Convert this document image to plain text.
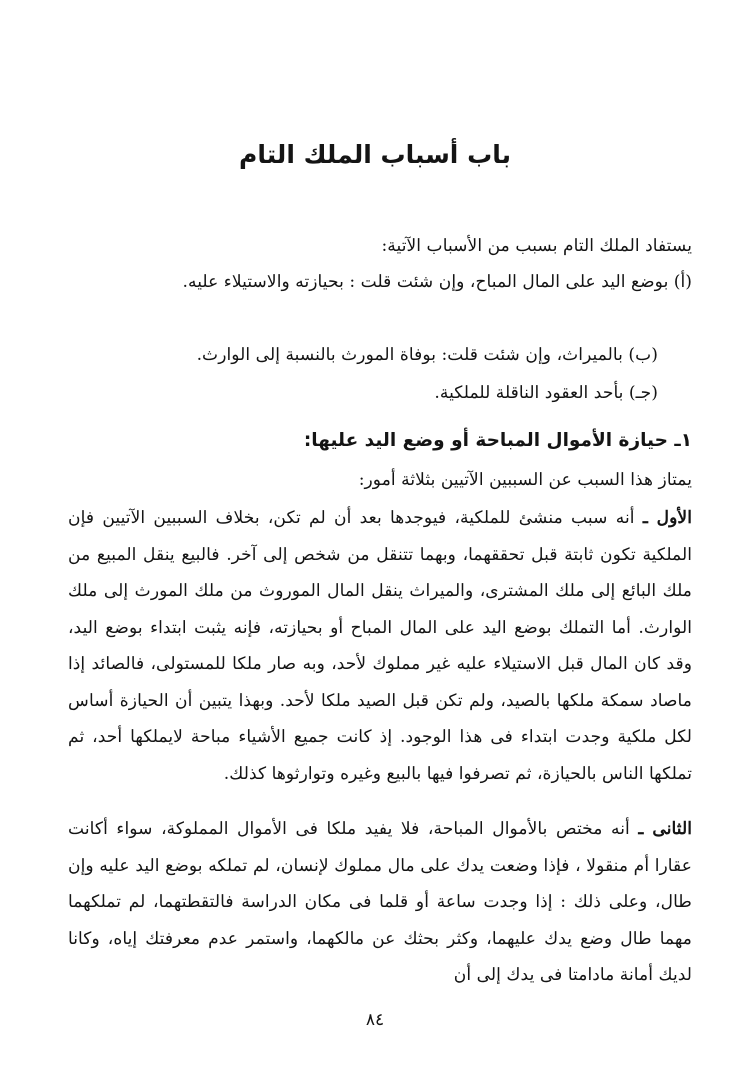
باب أسباب الملك التام
يستفاد الملك التام بسبب من الأسباب الآتية:
(أ) بوضع اليد على المال المباح، وإن شئت قلت : بحيازته والاستيلاء عليه.
(ب) بالميراث، وإن شئت قلت: بوفاة المورث بالنسبة إلى الوارث.
(جـ) بأحد العقود الناقلة للملكية.
١ـ حيازة الأموال المباحة أو وضع اليد عليها:
يمتاز هذا السبب عن السببين الآتيين بثلاثة أمور:
الأول ـ أنه سبب منشئ للملكية، فيوجدها بعد أن لم تكن، بخلاف السببين الآتيين فإن الملكية تكون ثابتة قبل تحققهما، وبهما تتنقل من شخص إلى آخر. فالبيع ينقل المبيع من ملك البائع إلى ملك المشترى، والميراث ينقل المال الموروث من ملك المورث إلى ملك الوارث. أما التملك بوضع اليد على المال المباح أو بحيازته، فإنه يثبت ابتداء بوضع اليد، وقد كان المال قبل الاستيلاء عليه غير مملوك لأحد، وبه صار ملكا للمستولى، فالصائد إذا ماصاد سمكة ملكها بالصيد، ولم تكن قبل الصيد ملكا لأحد. وبهذا يتبين أن الحيازة أساس لكل ملكية وجدت ابتداء فى هذا الوجود. إذ كانت جميع الأشياء مباحة لايملكها أحد، ثم تملكها الناس بالحيازة، ثم تصرفوا فيها بالبيع وغيره وتوارثوها كذلك.
الثانى ـ أنه مختص بالأموال المباحة، فلا يفيد ملكا فى الأموال المملوكة، سواء أكانت عقارا أم منقولا ، فإذا وضعت يدك على مال مملوك لإنسان، لم تملكه بوضع اليد عليه وإن طال، وعلى ذلك : إذا وجدت ساعة أو قلما فى مكان الدراسة فالتقطتهما، لم تملكهما مهما طال وضع يدك عليهما، وكثر بحثك عن مالكهما، واستمر عدم معرفتك إياه، وكانا لديك أمانة مادامتا فى يدك إلى أن
٨٤
